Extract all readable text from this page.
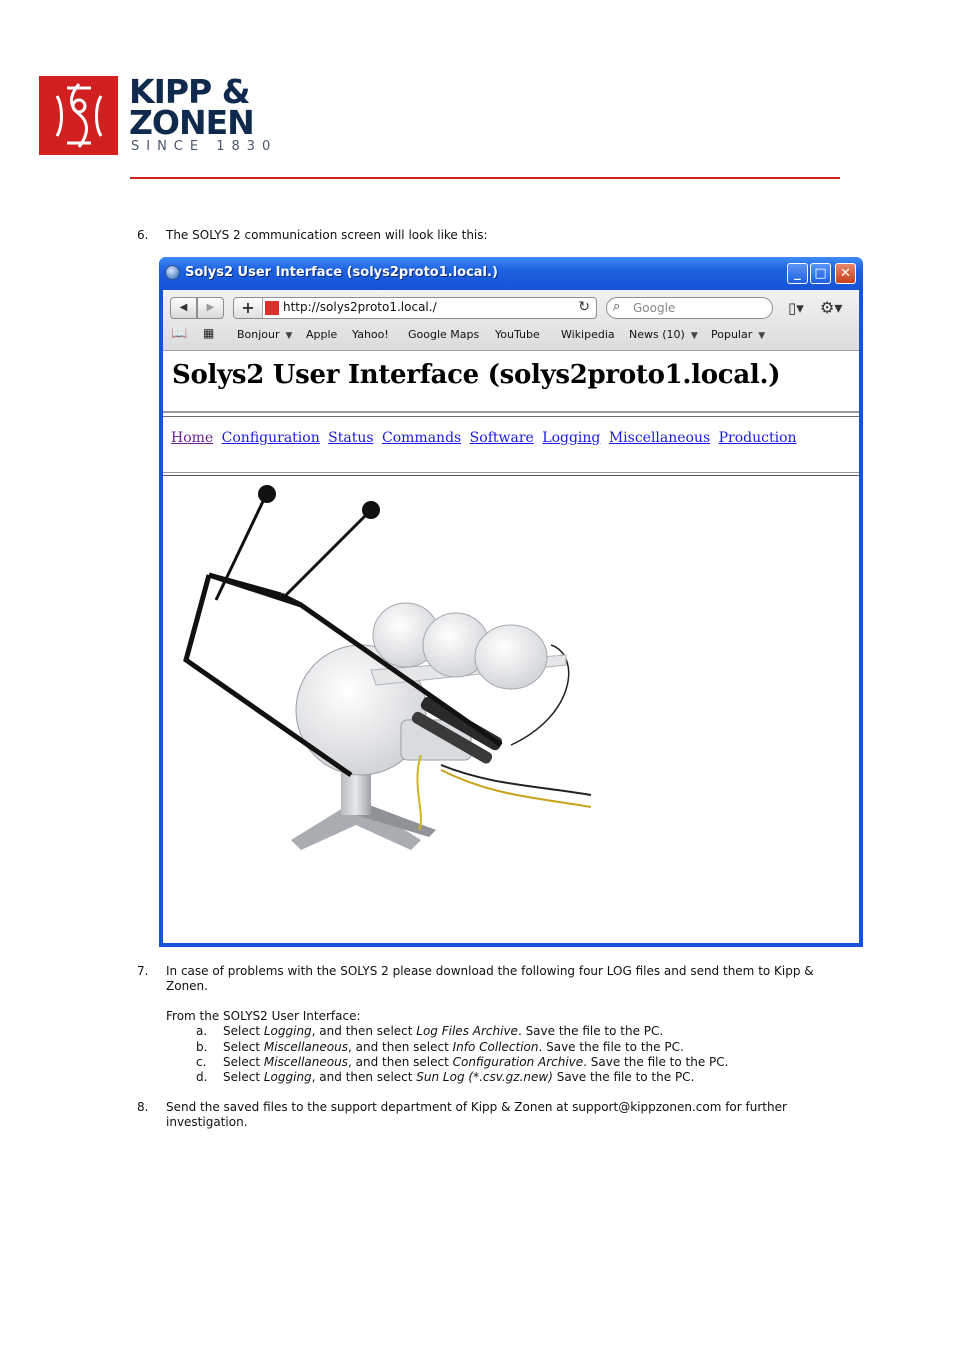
KIPP &
ZONEN
SINCE 1830
6. The SOLYS 2 communication screen will look like this:
Solys2 User Interface (solys2proto1.local.)	_	□	✕
◀	▶	+	http://solys2proto1.local./	↻ ⌕ Google	▯▾ ⚙▾
📖 ▦ Bonjour ▼ Apple Yahoo! Google Maps YouTube Wikipedia News (10) ▼ Popular ▼
Solys2 User Interface (solys2proto1.local.)
Home Configuration Status Commands Software Logging Miscellaneous Production
7. In case of problems with the SOLYS 2 please download the following four LOG files and send them to Kipp &
Zonen.
From the SOLYS2 User Interface:
a. Select Logging, and then select Log Files Archive. Save the file to the PC.
b. Select Miscellaneous, and then select Info Collection. Save the file to the PC.
c. Select Miscellaneous, and then select Configuration Archive. Save the file to the PC.
d. Select Logging, and then select Sun Log (*.csv.gz.new) Save the file to the PC.
8. Send the saved files to the support department of Kipp & Zonen at support@kippzonen.com for further
investigation.
